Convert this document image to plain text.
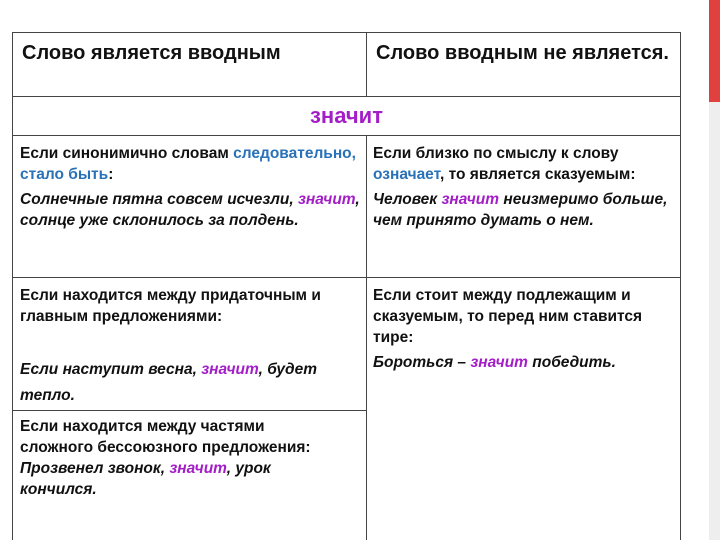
Слово является вводным	Слово вводным не является.
значит

Если синонимично словам следовательно, стало быть:

Солнечные пятна совсем исчезли, значит, солнце уже склонилось за полдень.

Если близко по смыслу к слову означает, то является сказуемым:

Человек значит неизмеримо больше, чем принято думать о нем.

Если находится между придаточным и главным предложениями:

Если наступит весна, значит, будет тепло.

Если стоит между подлежащим и сказуемым, то перед ним ставится тире:

Бороться – значит победить.

Если находится между частями сложного бессоюзного предложения:

Прозвенел звонок, значит, урок кончился.
